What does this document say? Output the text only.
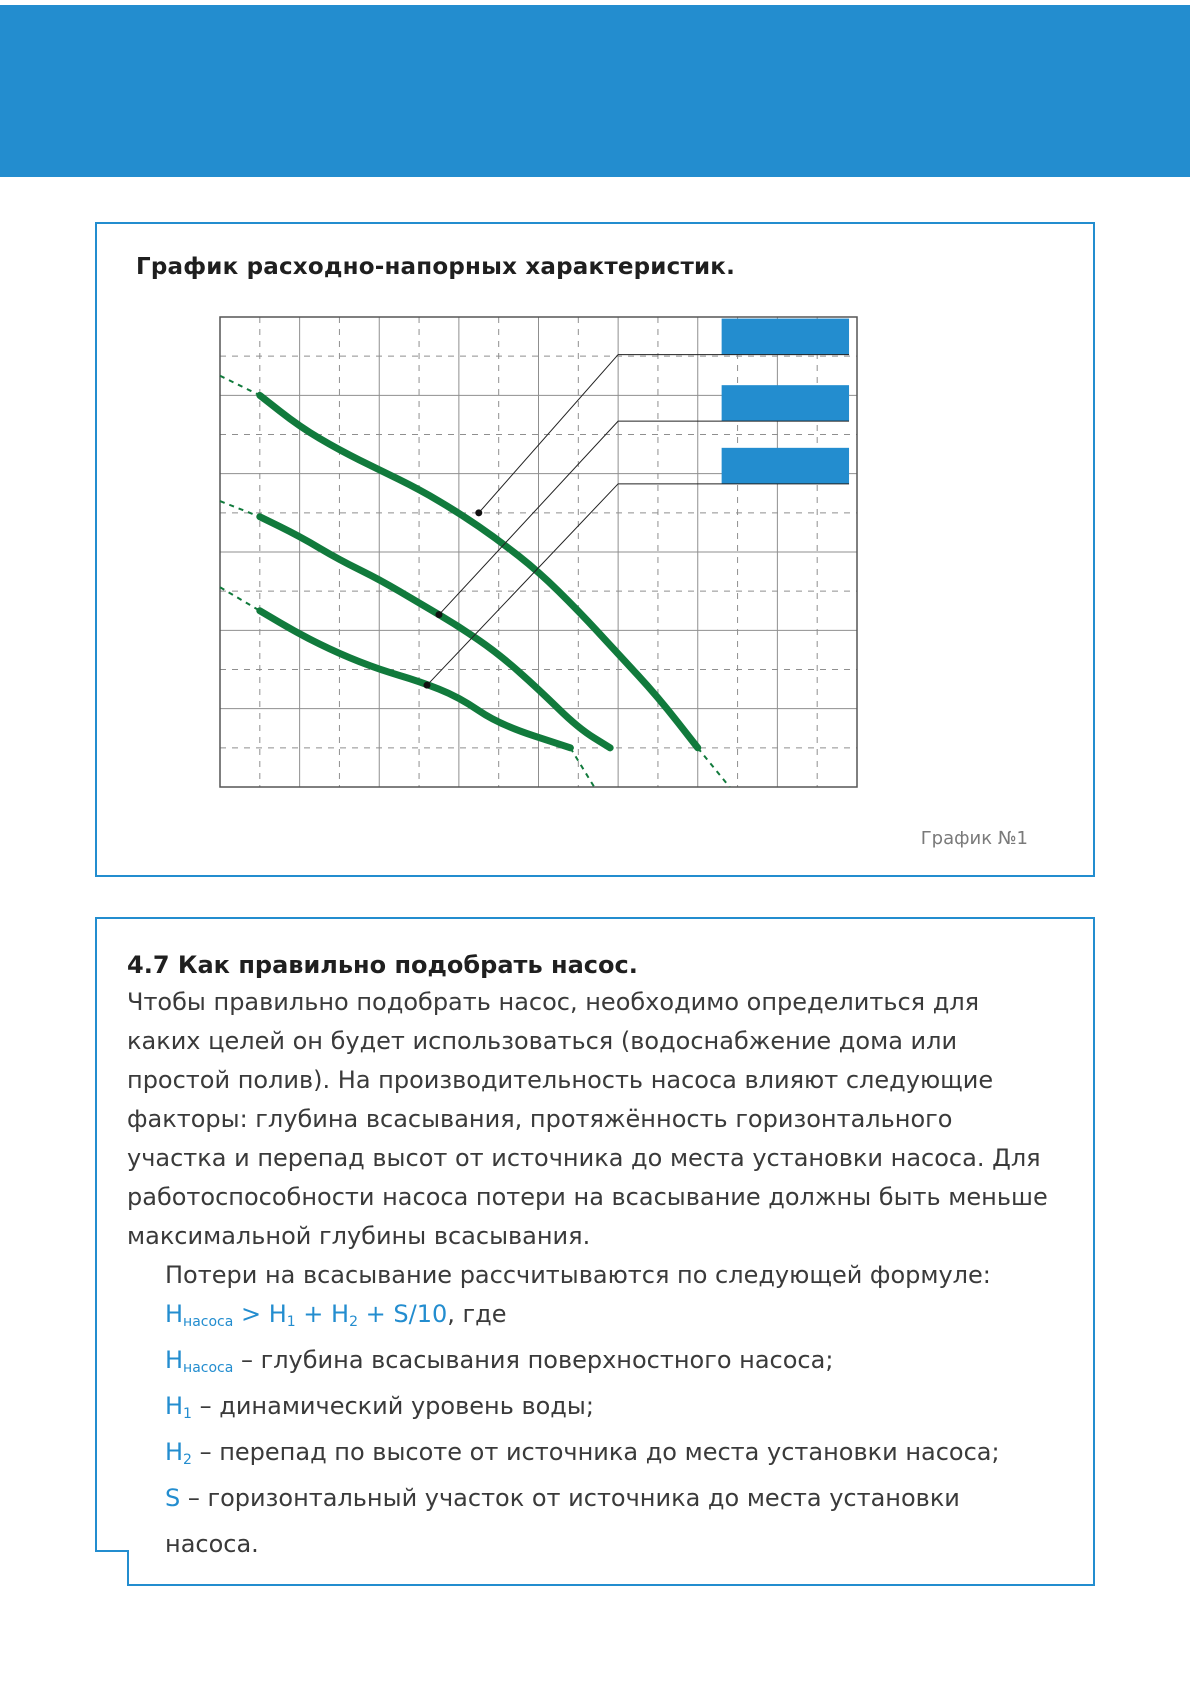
График расходно-напорных характеристик.
График №1
4.7 Как правильно подобрать насос.

Чтобы правильно подобрать насос, необходимо определиться для каких целей он будет использоваться (водоснабжение дома или простой полив). На производительность насоса влияют следующие факторы: глубина всасывания, протяжённость горизонтального участка и перепад высот от источника до места установки насоса. Для работоспособности насоса потери на всасывание должны быть меньше максимальной глубины всасывания.

Потери на всасывание рассчитываются по следующей формуле:

$H_{насоса} > H_1 + H_2 + S/10$, где

$H_{насоса}$ – глубина всасывания поверхностного насоса;

$H_1$ – динамический уровень воды;

$H_2$ – перепад по высоте от источника до места установки насоса;

S – горизонтальный участок от источника до места установки насоса.
